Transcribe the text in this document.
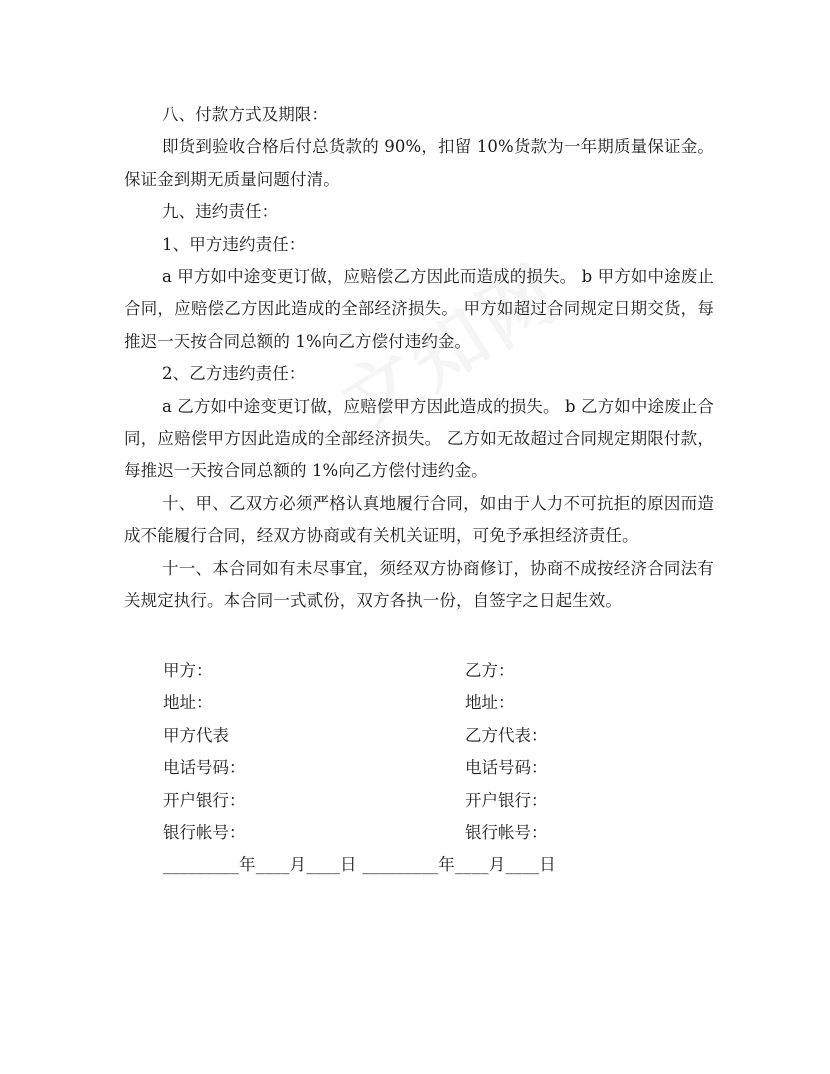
八、付款方式及期限：

即货到验收合格后付总货款的 90%，扣留 10%货款为一年期质量保证金。保证金到期无质量问题付清。

九、违约责任：

1、甲方违约责任：

a 甲方如中途变更订做，应赔偿乙方因此而造成的损失。 b 甲方如中途废止合同，应赔偿乙方因此造成的全部经济损失。 甲方如超过合同规定日期交货，每推迟一天按合同总额的 1%向乙方偿付违约金。

2、乙方违约责任：

a 乙方如中途变更订做，应赔偿甲方因此造成的损失。 b 乙方如中途废止合同，应赔偿甲方因此造成的全部经济损失。 乙方如无故超过合同规定期限付款，每推迟一天按合同总额的 1%向乙方偿付违约金。

十、甲、乙双方必须严格认真地履行合同，如由于人力不可抗拒的原因而造成不能履行合同，经双方协商或有关机关证明，可免予承担经济责任。

十一、本合同如有未尽事宜，须经双方协商修订，协商不成按经济合同法有关规定执行。本合同一式贰份，双方各执一份，自签字之日起生效。

甲方：	乙方：
地址：	地址：
甲方代表	乙方代表：
电话号码：	电话号码：
开户银行：	开户银行：
银行帐号：	银行帐号：
_________年____月____日 _________年____月____日
